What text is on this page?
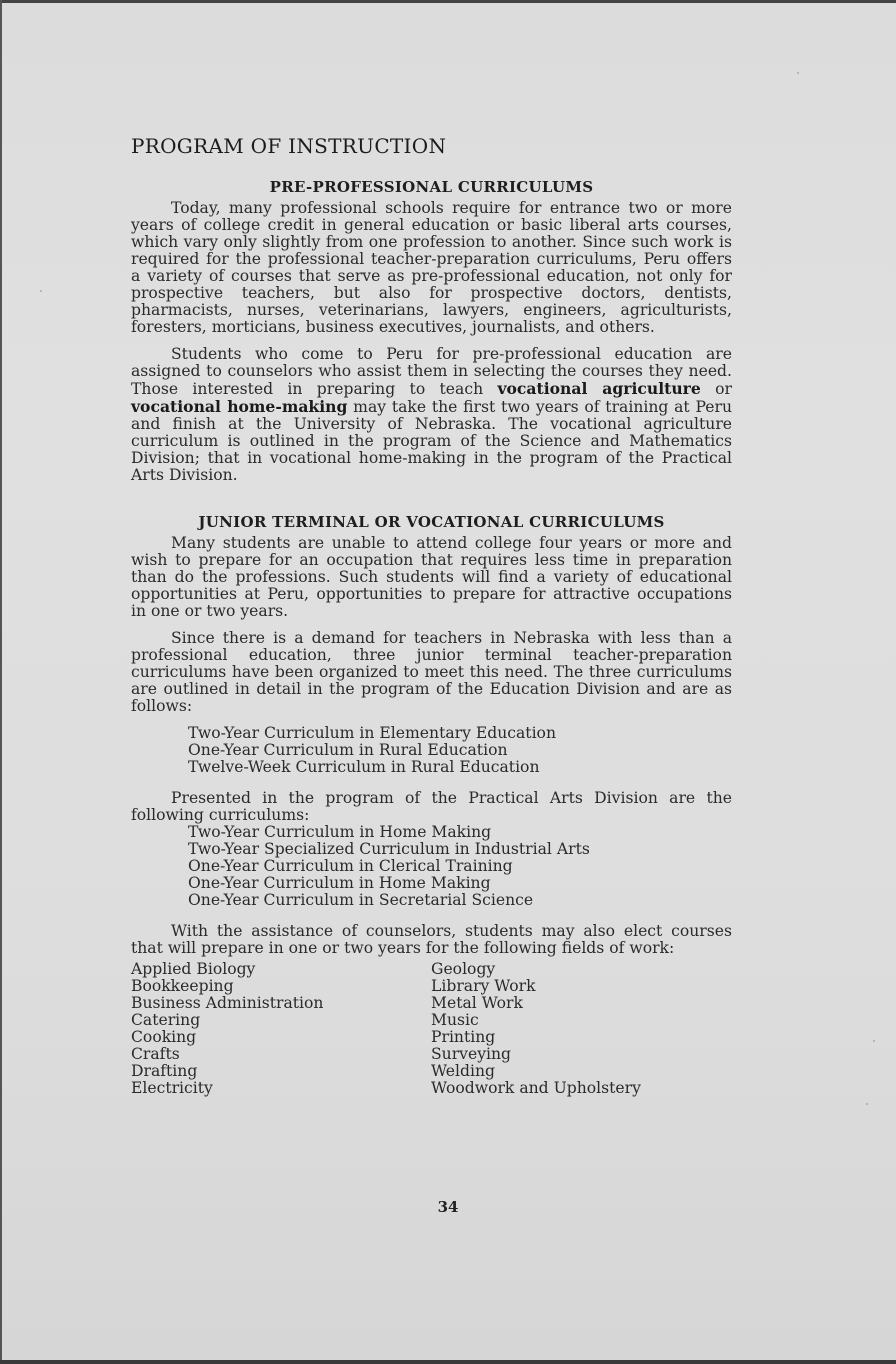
PROGRAM OF INSTRUCTION
PRE-PROFESSIONAL CURRICULUMS

Today, many professional schools require for entrance two or more years of college credit in general education or basic liberal arts courses, which vary only slightly from one profession to another. Since such work is required for the professional teacher-preparation curriculums, Peru offers a variety of courses that serve as pre-professional education, not only for prospective teachers, but also for prospective doctors, dentists, pharmacists, nurses, veterinarians, lawyers, engineers, agriculturists, foresters, morticians, business executives, journalists, and others.

Students who come to Peru for pre-professional education are assigned to counselors who assist them in selecting the courses they need. Those interested in preparing to teach vocational agriculture or vocational home-making may take the first two years of training at Peru and finish at the University of Nebraska. The vocational agriculture curriculum is outlined in the program of the Science and Mathematics Division; that in vocational home-making in the program of the Practical Arts Division.

JUNIOR TERMINAL OR VOCATIONAL CURRICULUMS

Many students are unable to attend college four years or more and wish to prepare for an occupation that requires less time in preparation than do the professions. Such students will find a variety of educational opportunities at Peru, opportunities to prepare for attractive occupations in one or two years.

Since there is a demand for teachers in Nebraska with less than a professional education, three junior terminal teacher-preparation curriculums have been organized to meet this need. The three curriculums are outlined in detail in the program of the Education Division and are as follows:

Two-Year Curriculum in Elementary Education
One-Year Curriculum in Rural Education
Twelve-Week Curriculum in Rural Education

Presented in the program of the Practical Arts Division are the following curriculums:

Two-Year Curriculum in Home Making
Two-Year Specialized Curriculum in Industrial Arts
One-Year Curriculum in Clerical Training
One-Year Curriculum in Home Making
One-Year Curriculum in Secretarial Science

With the assistance of counselors, students may also elect courses that will prepare in one or two years for the following fields of work:

Applied Biology
Bookkeeping
Business Administration
Catering
Cooking
Crafts
Drafting
Electricity
Geology
Library Work
Metal Work
Music
Printing
Surveying
Welding
Woodwork and Upholstery
34
